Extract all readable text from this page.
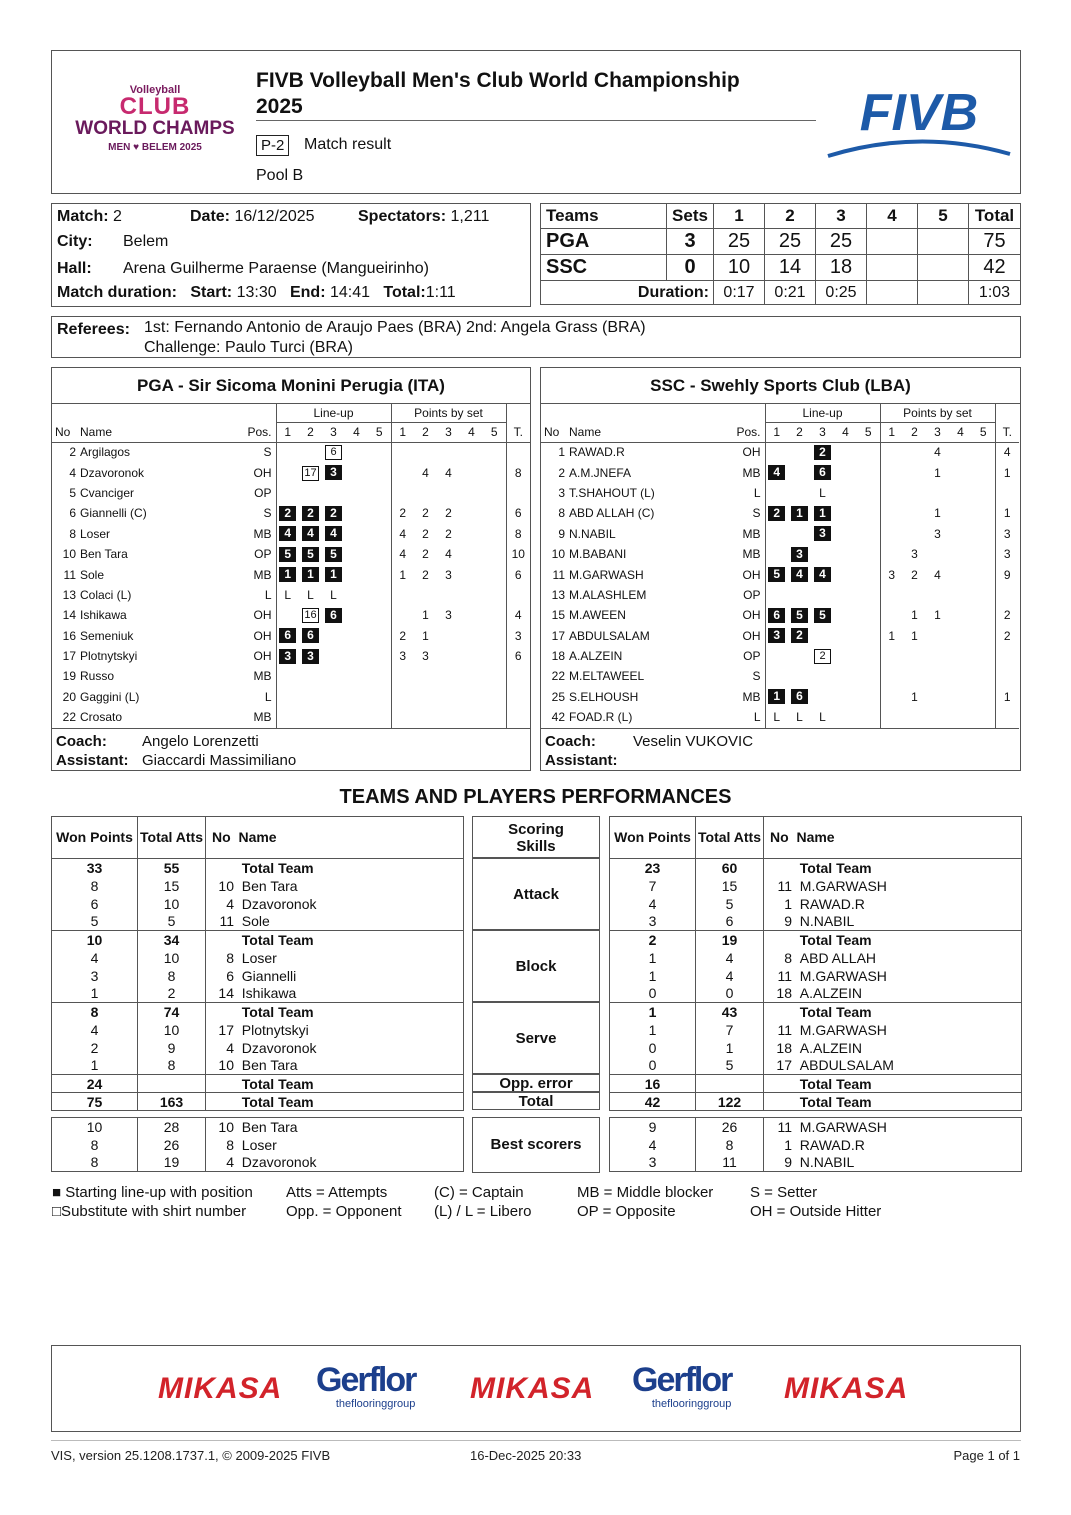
Volleyball
CLUB
WORLD CHAMPS
MEN ♥ BELEM 2025
FIVB Volleyball Men's Club World Championship
2025
P-2	Match result
Pool B
FIVB
Match: 2	Date: 16/12/2025	Spectators: 1,211
City: Belem
Hall: Arena Guilherme Paraense (Mangueirinho)
Match duration: Start: 13:30 End: 14:41 Total:1:11
Teams	Sets	1	2	3	4	5	Total
PGA	3	25	25	25			75
SSC	0	10	14	18			42
Duration:		0:17	0:21	0:25			1:03
Referees: 1st: Fernando Antonio de Araujo Paes (BRA) 2nd: Angela Grass (BRA)
Challenge: Paulo Turci (BRA)
PGA - Sir Sicoma Monini Perugia (ITA)
			Line-up					Points by set					
No	Name	Pos.	1	2	3	4	5	1	2	3	4	5	T.
2	Argilagos	S			6								
4	Dzavoronok	OH		17	3				4	4			8
5	Cvanciger	OP											
6	Giannelli (C)	S	2	2	2			2	2	2			6
8	Loser	MB	4	4	4			4	2	2			8
10	Ben Tara	OP	5	5	5			4	2	4			10
11	Sole	MB	1	1	1			1	2	3			6
13	Colaci (L)	L	L	L	L								
14	Ishikawa	OH		16	6				1	3			4
16	Semeniuk	OH	6	6				2	1				3
17	Plotnytskyi	OH	3	3				3	3				6
19	Russo	MB											
20	Gaggini (L)	L											
22	Crosato	MB											

Coach: Angelo Lorenzetti
Assistant: Giaccardi Massimiliano
SSC - Swehly Sports Club (LBA)
			Line-up					Points by set					
No	Name	Pos.	1	2	3	4	5	1	2	3	4	5	T.
1	RAWAD.R	OH			2					4			4
2	A.M.JNEFA	MB	4		6					1			1
3	T.SHAHOUT (L)	L			L								
8	ABD ALLAH (C)	S	2	1	1					1			1
9	N.NABIL	MB			3					3			3
10	M.BABANI	MB		3					3				3
11	M.GARWASH	OH	5	4	4			3	2	4			9
13	M.ALASHLEM	OP											
15	M.AWEEN	OH	6	5	5				1	1			2
17	ABDULSALAM	OH	3	2				1	1				2
18	A.ALZEIN	OP			2								
22	M.ELTAWEEL	S											
25	S.ELHOUSH	MB	1	6					1				1
42	FOAD.R (L)	L	L	L	L								

Coach: Veselin VUKOVIC
Assistant:
TEAMS AND PLAYERS PERFORMANCES
Won Points	Total Atts	No Name
33	55	Total Team
8	15	10 Ben Tara
6	10	4 Dzavoronok
5	5	11 Sole
10	34	Total Team
4	10	8 Loser
3	8	6 Giannelli
1	2	14 Ishikawa
8	74	Total Team
4	10	17 Plotnytskyi
2	9	4 Dzavoronok
1	8	10 Ben Tara
24		Total Team
75	163	Total Team
10	28	10 Ben Tara
8	26	8 Loser
8	19	4 Dzavoronok
Won Points	Total Atts	No Name
23	60	Total Team
7	15	11 M.GARWASH
4	5	1 RAWAD.R
3	6	9 N.NABIL
2	19	Total Team
1	4	8 ABD ALLAH
1	4	11 M.GARWASH
0	0	18 A.ALZEIN
1	43	Total Team
1	7	11 M.GARWASH
0	1	18 A.ALZEIN
0	5	17 ABDULSALAM
16		Total Team
42	122	Total Team
9	26	11 M.GARWASH
4	8	1 RAWAD.R
3	11	9 N.NABIL
Scoring Skills
Attack
Block
Serve
Opp. error
Total
Best scorers
■ Starting line-up with position
□Substitute with shirt number
Atts = Attempts
Opp. = Opponent
(C) = Captain
(L) / L = Libero
MB = Middle blocker
OP = Opposite
S = Setter
OH = Outside Hitter
MIKASA Gerflor
theflooringgroup MIKASA Gerflor
theflooringgroup MIKASA
VIS, version 25.1208.1737.1, © 2009-2025 FIVB	16-Dec-2025 20:33	Page 1 of 1
